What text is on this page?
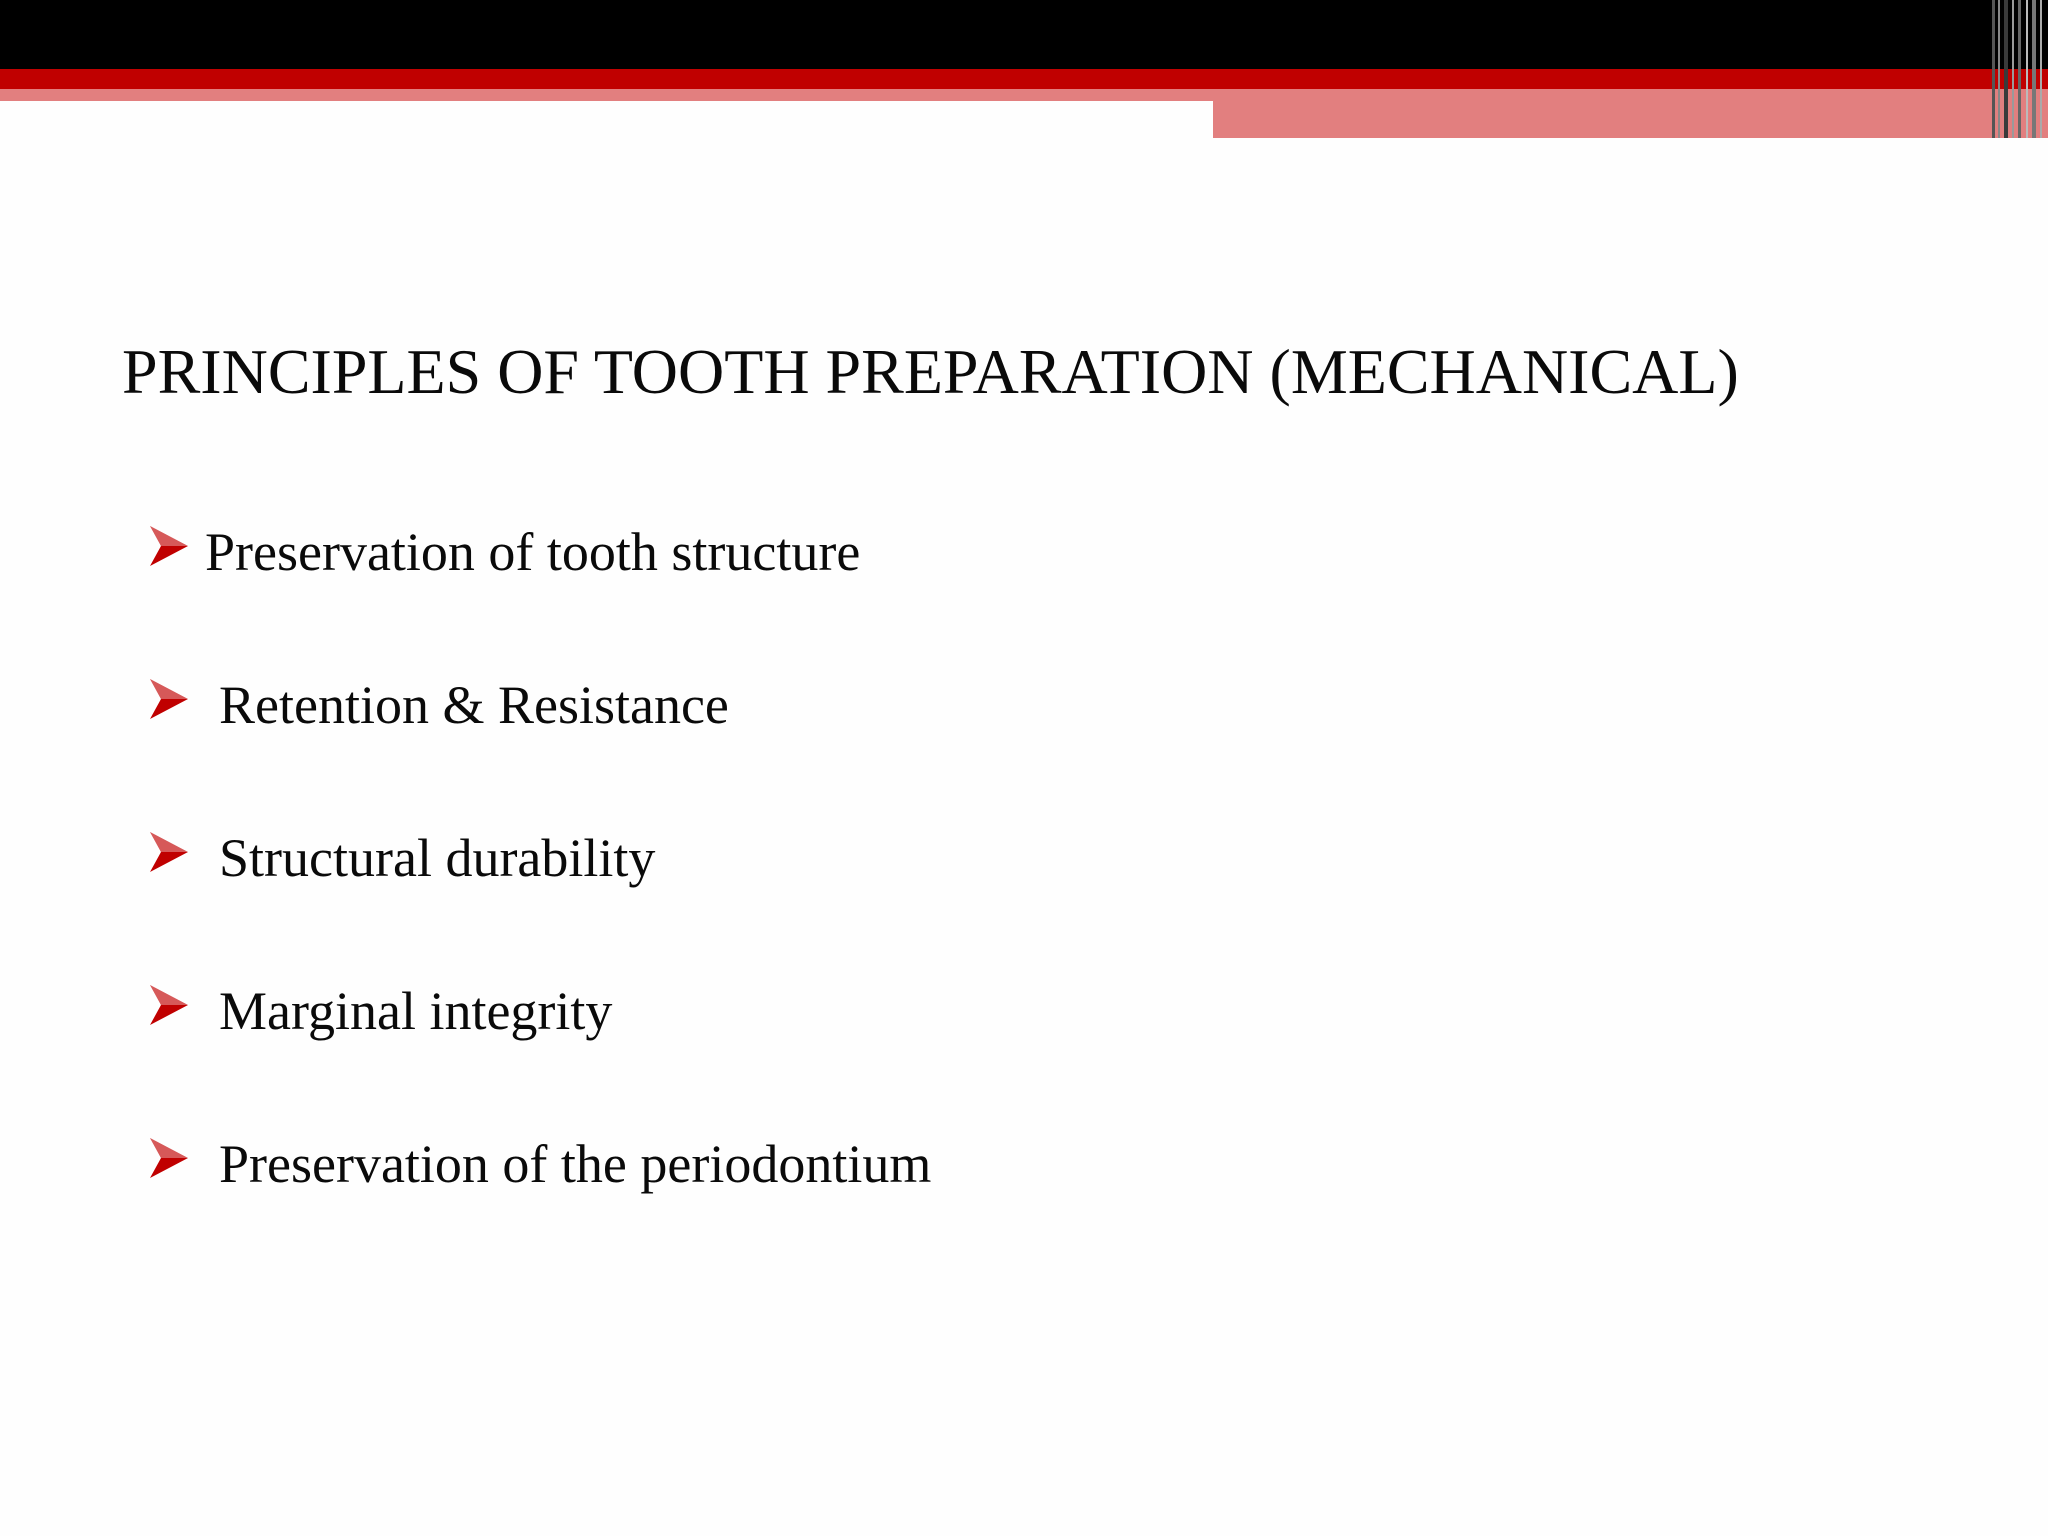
PRINCIPLES OF TOOTH PREPARATION (MECHANICAL)
Preservation of tooth structure
Retention & Resistance
Structural durability
Marginal integrity
Preservation of the periodontium
